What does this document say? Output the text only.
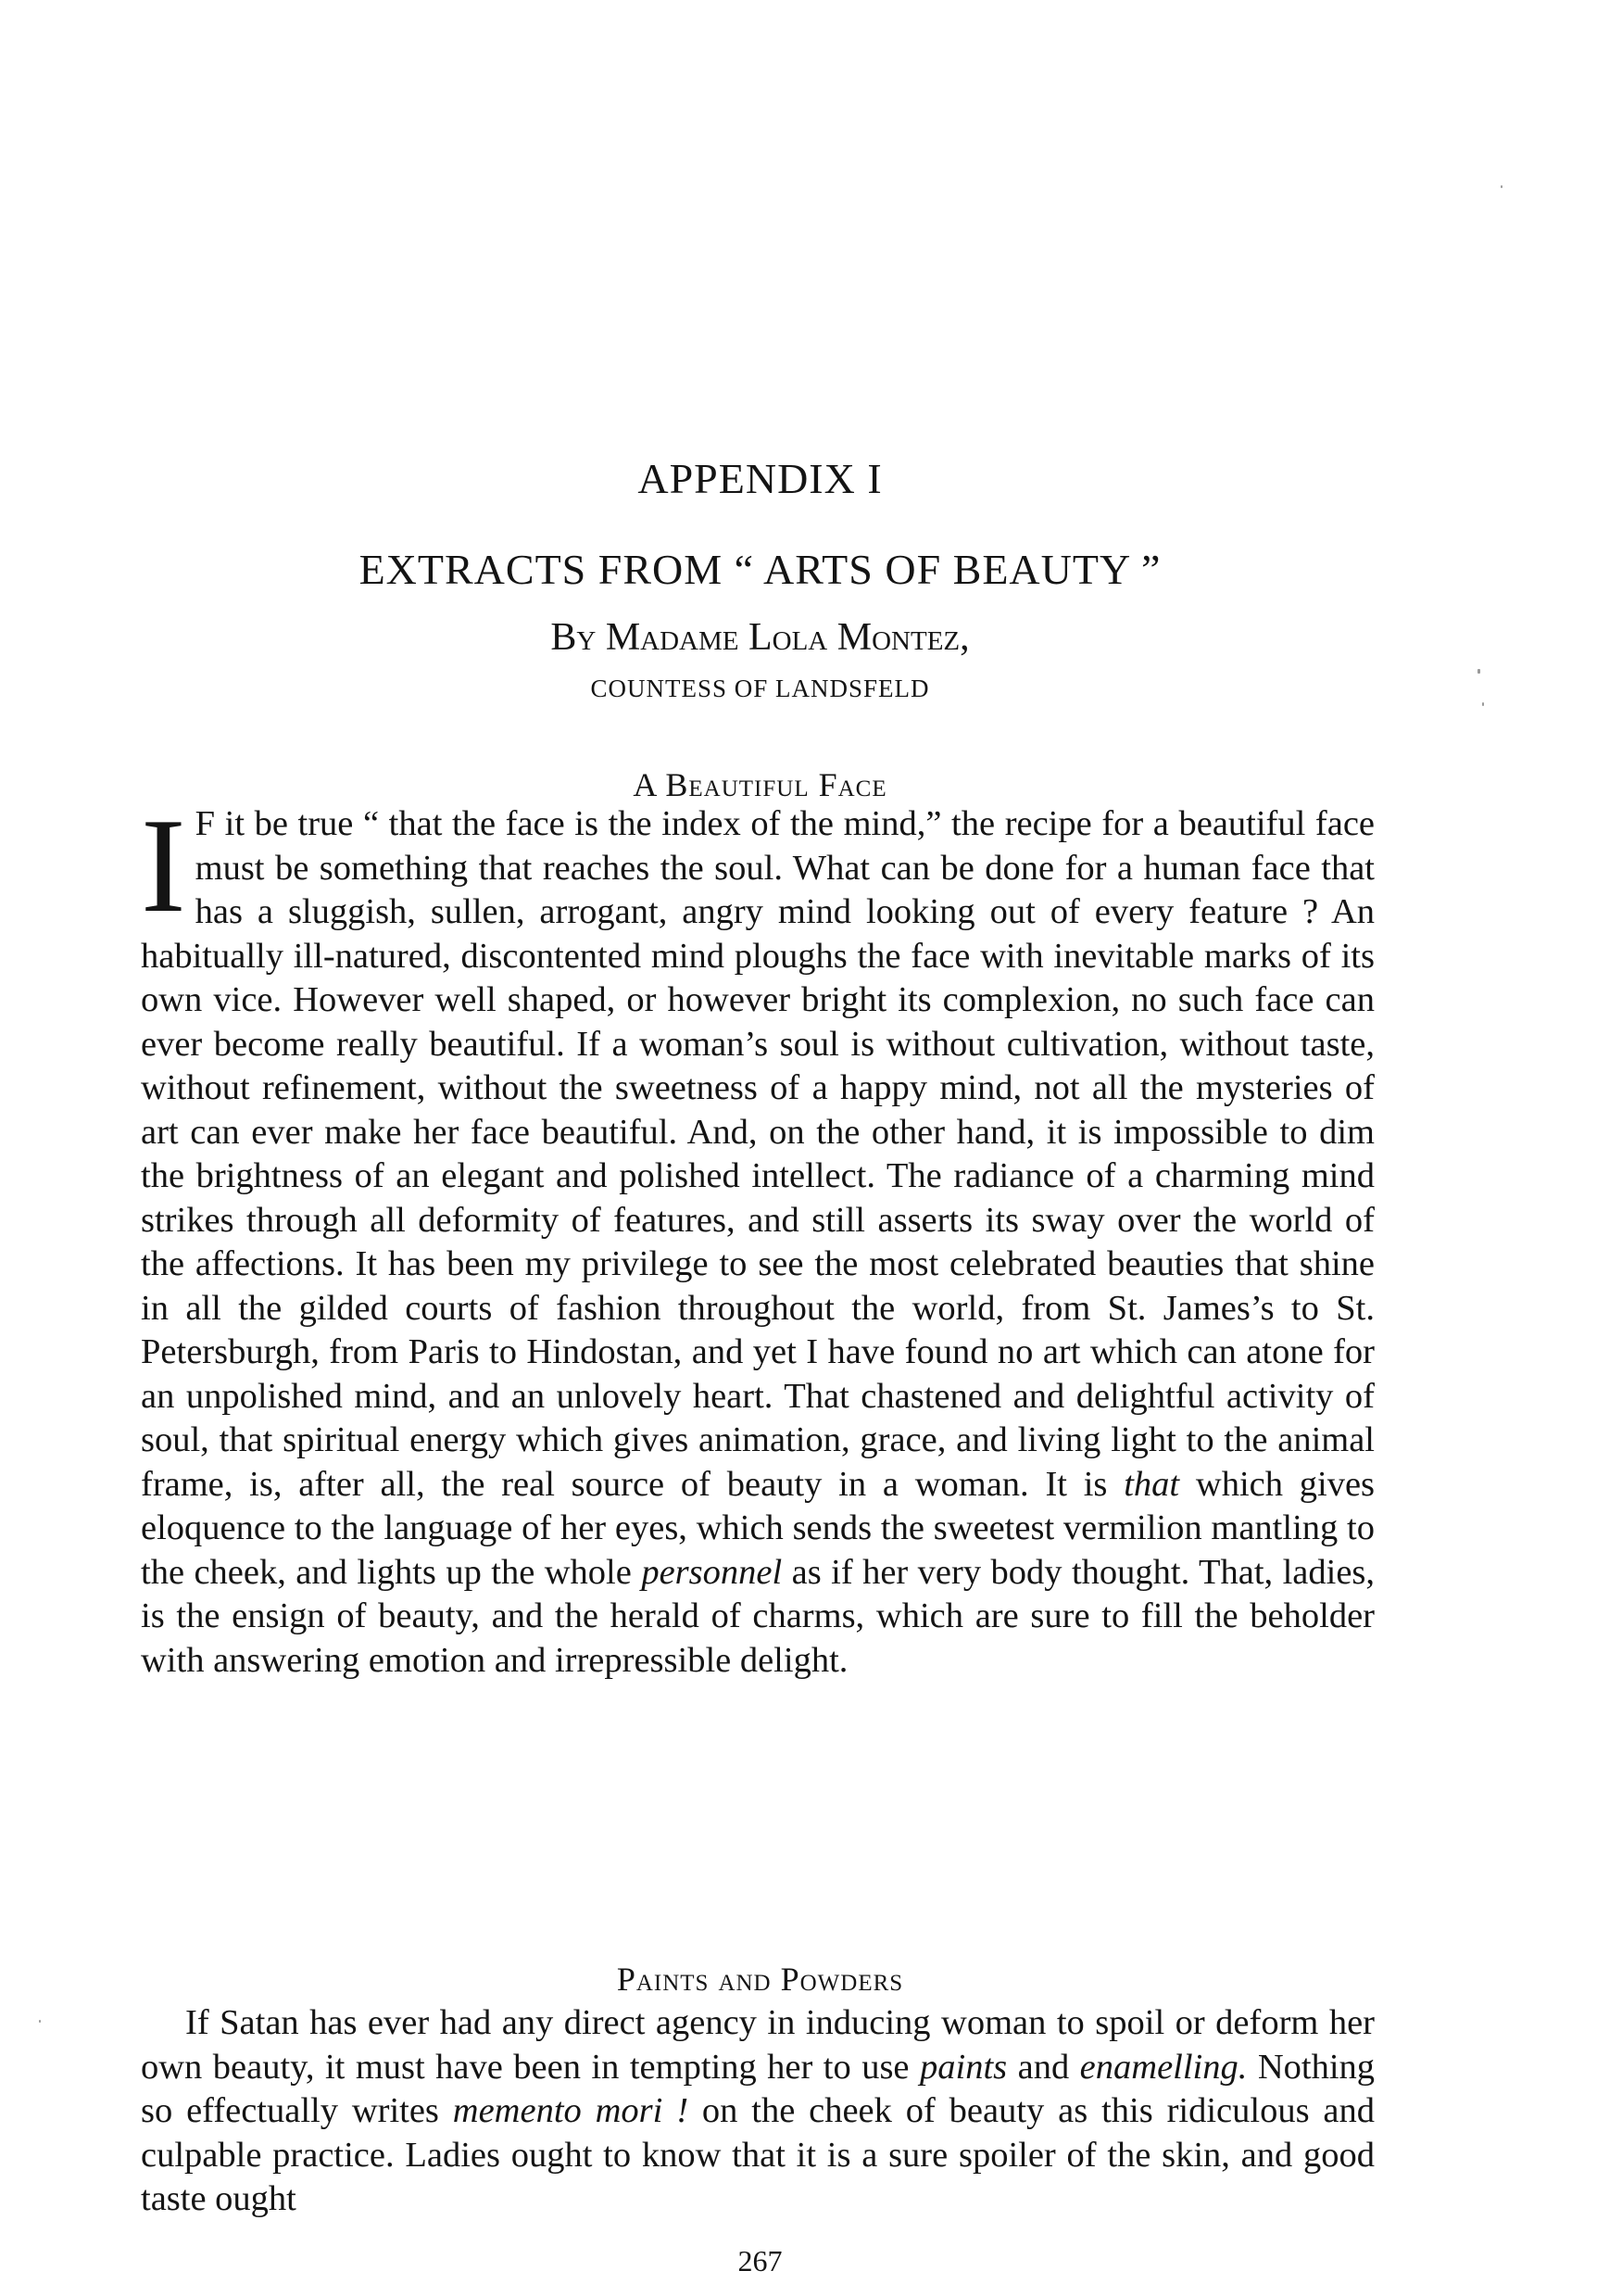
APPENDIX I
EXTRACTS FROM “ ARTS OF BEAUTY ”
By Madame Lola Montez,
COUNTESS OF LANDSFELD
A Beautiful Face
I F it be true “ that the face is the index of the mind,” the recipe for a beautiful face must be something that reaches the soul. What can be done for a human face that has a sluggish, sullen, arrogant, angry mind looking out of every feature ? An habitually ill-natured, discontented mind ploughs the face with inevitable marks of its own vice. However well shaped, or however bright its complexion, no such face can ever become really beautiful. If a woman’s soul is without cultivation, without taste, without refinement, without the sweetness of a happy mind, not all the mysteries of art can ever make her face beautiful. And, on the other hand, it is impossible to dim the brightness of an elegant and polished intellect. The radiance of a charming mind strikes through all deformity of features, and still asserts its sway over the world of the affections. It has been my privilege to see the most celebrated beauties that shine in all the gilded courts of fashion throughout the world, from St. James’s to St. Petersburgh, from Paris to Hindostan, and yet I have found no art which can atone for an unpolished mind, and an unlovely heart. That chastened and delightful activity of soul, that spiritual energy which gives animation, grace, and living light to the animal frame, is, after all, the real source of beauty in a woman. It is that which gives eloquence to the language of her eyes, which sends the sweetest vermilion mantling to the cheek, and lights up the whole personnel as if her very body thought. That, ladies, is the ensign of beauty, and the herald of charms, which are sure to fill the beholder with answering emotion and irrepressible delight.
Paints and Powders
If Satan has ever had any direct agency in inducing woman to spoil or deform her own beauty, it must have been in tempting her to use paints and enamelling. Nothing so effectually writes memento mori ! on the cheek of beauty as this ridiculous and culpable practice. Ladies ought to know that it is a sure spoiler of the skin, and good taste ought
267
